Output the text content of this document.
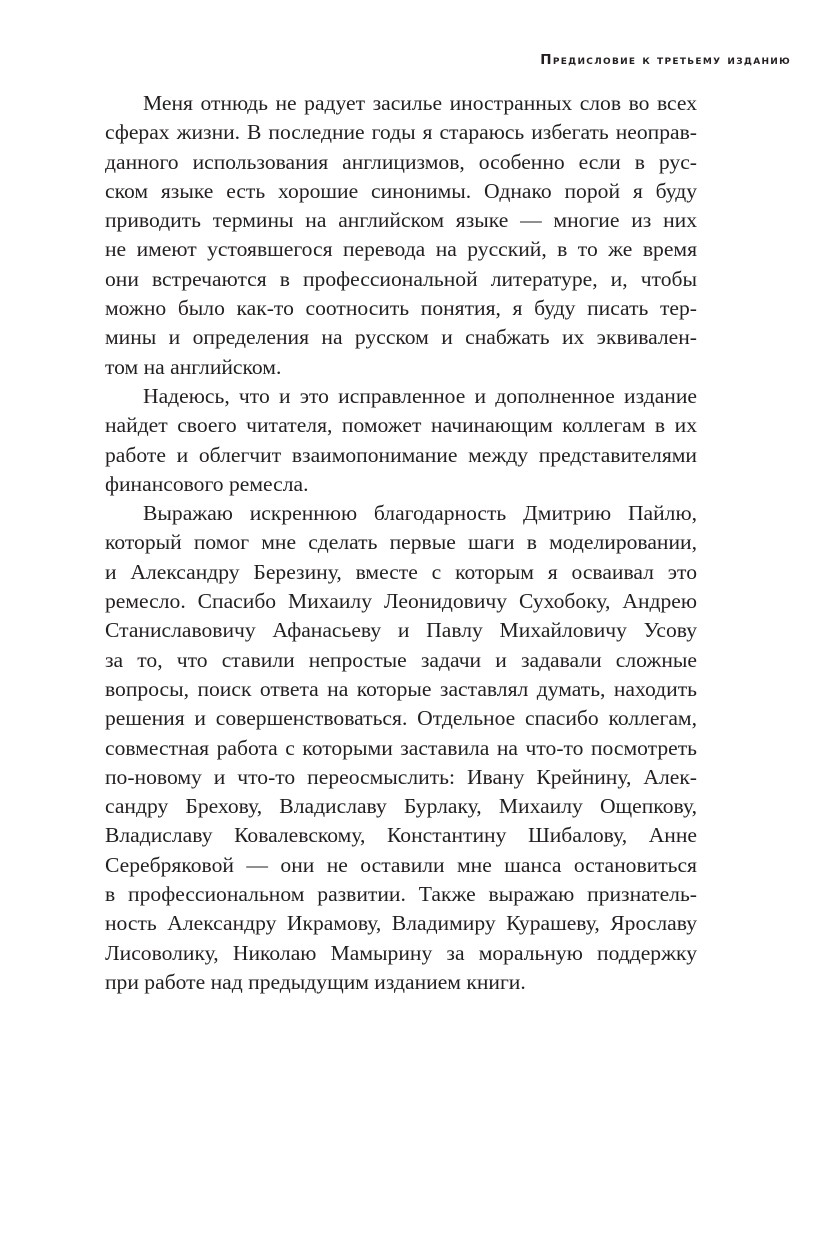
Предисловие к третьему изданию
Меня отнюдь не радует засилье иностранных слов во всех
сферах жизни. В последние годы я стараюсь избегать неоправ-
данного использования англицизмов, особенно если в рус-
ском языке есть хорошие синонимы. Однако порой я буду
приводить термины на английском языке — многие из них
не имеют устоявшегося перевода на русский, в то же время
они встречаются в профессиональной литературе, и, чтобы
можно было как-то соотносить понятия, я буду писать тер-
мины и определения на русском и снабжать их эквивален-
том на английском.
Надеюсь, что и это исправленное и дополненное издание
найдет своего читателя, поможет начинающим коллегам в их
работе и облегчит взаимопонимание между представителями
финансового ремесла.
Выражаю искреннюю благодарность Дмитрию Пайлю,
который помог мне сделать первые шаги в моделировании,
и Александру Березину, вместе с которым я осваивал это
ремесло. Спасибо Михаилу Леонидовичу Сухобоку, Андрею
Станиславовичу Афанасьеву и Павлу Михайловичу Усову
за то, что ставили непростые задачи и задавали сложные
вопросы, поиск ответа на которые заставлял думать, находить
решения и совершенствоваться. Отдельное спасибо коллегам,
совместная работа с которыми заставила на что-то посмотреть
по-новому и что-то переосмыслить: Ивану Крейнину, Алек-
сандру Брехову, Владиславу Бурлаку, Михаилу Ощепкову,
Владиславу Ковалевскому, Константину Шибалову, Анне
Серебряковой — они не оставили мне шанса остановиться
в профессиональном развитии. Также выражаю признатель-
ность Александру Икрамову, Владимиру Курашеву, Ярославу
Лисоволику, Николаю Мамырину за моральную поддержку
при работе над предыдущим изданием книги.
